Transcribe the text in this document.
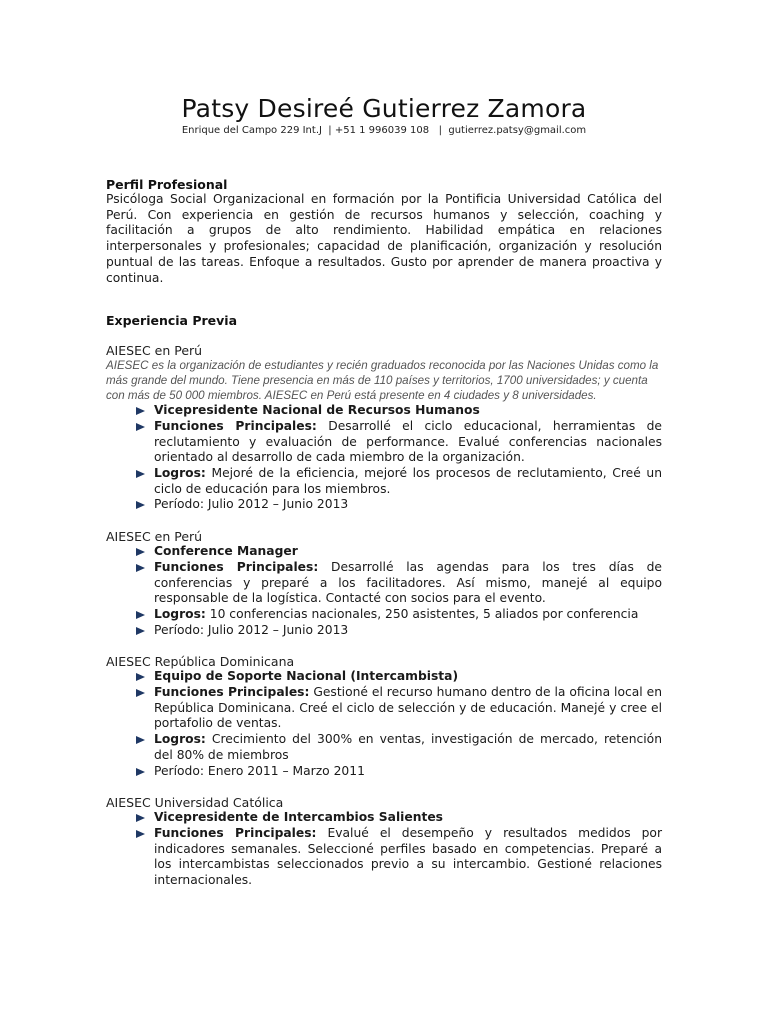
Patsy Desireé Gutierrez Zamora
Enrique del Campo 229 Int.J  | +51 1 996039 108   |  gutierrez.patsy@gmail.com
Perfil Profesional

Psicóloga Social Organizacional en formación por la Pontificia Universidad Católica del Perú. Con experiencia en gestión de recursos humanos y selección, coaching y facilitación a grupos de alto rendimiento. Habilidad empática en relaciones interpersonales y profesionales; capacidad de planificación, organización y resolución puntual de las tareas. Enfoque a resultados. Gusto por aprender de manera proactiva y continua.

Experiencia Previa

AIESEC en Perú

AIESEC es la organización de estudiantes y recién graduados reconocida por las Naciones Unidas como la más grande del mundo. Tiene presencia en más de 110 países y territorios, 1700 universidades; y cuenta con más de 50 000 miembros. AIESEC en Perú está presente en 4 ciudades y 8 universidades.

Vicepresidente Nacional de Recursos Humanos
Funciones Principales: Desarrollé el ciclo educacional, herramientas de reclutamiento y evaluación de performance. Evalué conferencias nacionales orientado al desarrollo de cada miembro de la organización.
Logros: Mejoré de la eficiencia, mejoré los procesos de reclutamiento, Creé un ciclo de educación para los miembros.
Período: Julio 2012 – Junio 2013

AIESEC en Perú

Conference Manager
Funciones Principales: Desarrollé las agendas para los tres días de conferencias y preparé a los facilitadores. Así mismo, manejé al equipo responsable de la logística. Contacté con socios para el evento.
Logros: 10 conferencias nacionales, 250 asistentes, 5 aliados por conferencia
Período: Julio 2012 – Junio 2013

AIESEC República Dominicana

Equipo de Soporte Nacional (Intercambista)
Funciones Principales: Gestioné el recurso humano dentro de la oficina local en República Dominicana. Creé el ciclo de selección y de educación. Manejé y cree el portafolio de ventas.
Logros: Crecimiento del 300% en ventas, investigación de mercado, retención del 80% de miembros
Período: Enero 2011 – Marzo 2011

AIESEC Universidad Católica

Vicepresidente de Intercambios Salientes
Funciones Principales: Evalué el desempeño y resultados medidos por indicadores semanales. Seleccioné perfiles basado en competencias. Preparé a los intercambistas seleccionados previo a su intercambio. Gestioné relaciones internacionales.
